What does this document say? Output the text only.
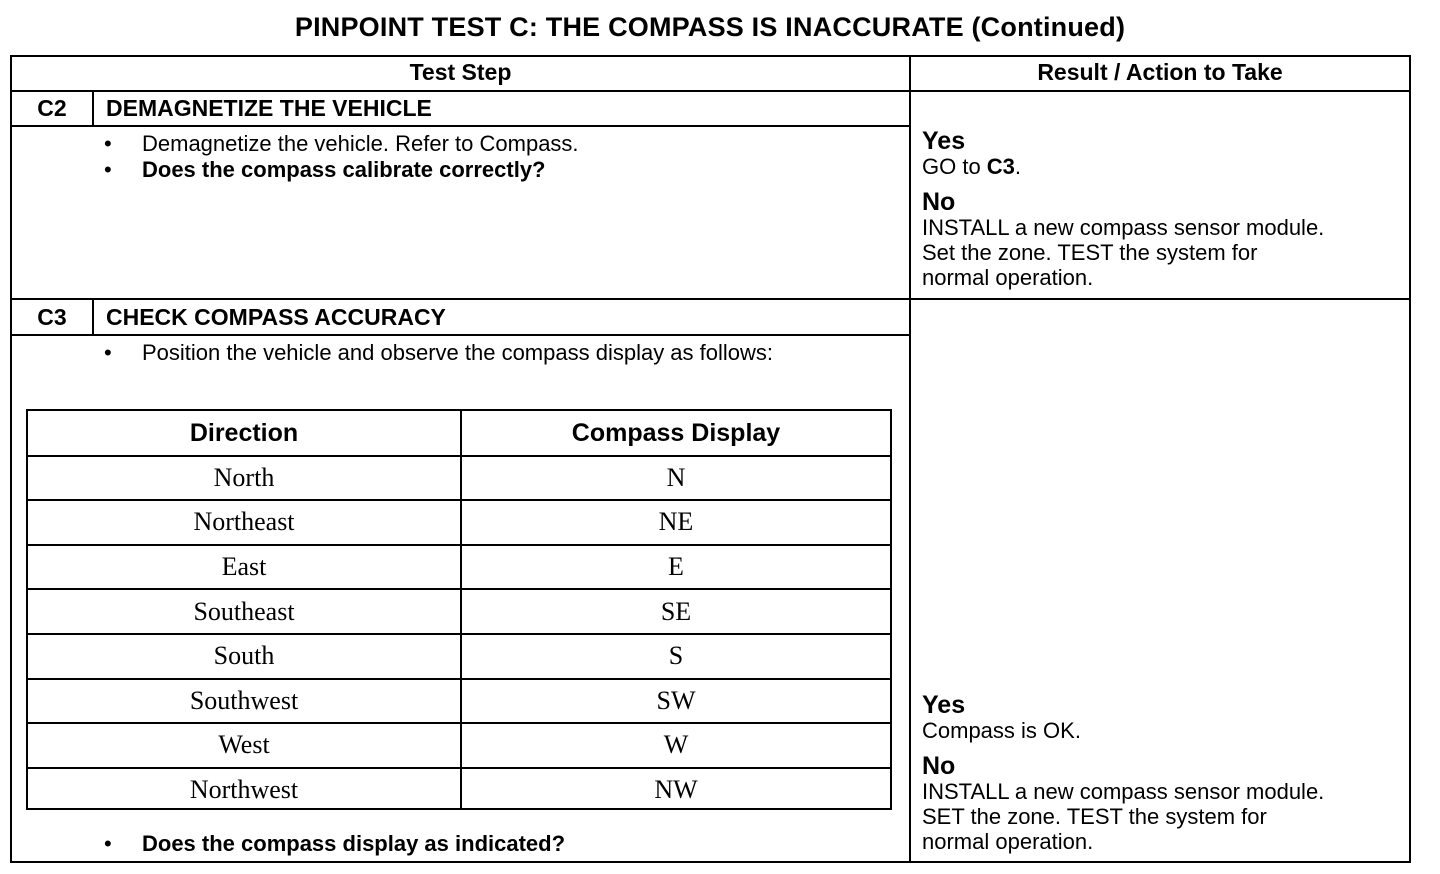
PINPOINT TEST C: THE COMPASS IS INACCURATE (Continued)
Test Step	Result / Action to Take
C2	DEMAGNETIZE THE VEHICLE
• Demagnetize the vehicle. Refer to Compass.
• Does the compass calibrate correctly?
Yes
GO to C3.
No
INSTALL a new compass sensor module.
Set the zone. TEST the system for
normal operation.
C3	CHECK COMPASS ACCURACY
• Position the vehicle and observe the compass display as follows:
Direction	Compass Display
North	N
Northeast	NE
East	E
Southeast	SE
South	S
Southwest	SW
West	W
Northwest	NW
• Does the compass display as indicated?
Yes
Compass is OK.
No
INSTALL a new compass sensor module.
SET the zone. TEST the system for
normal operation.
